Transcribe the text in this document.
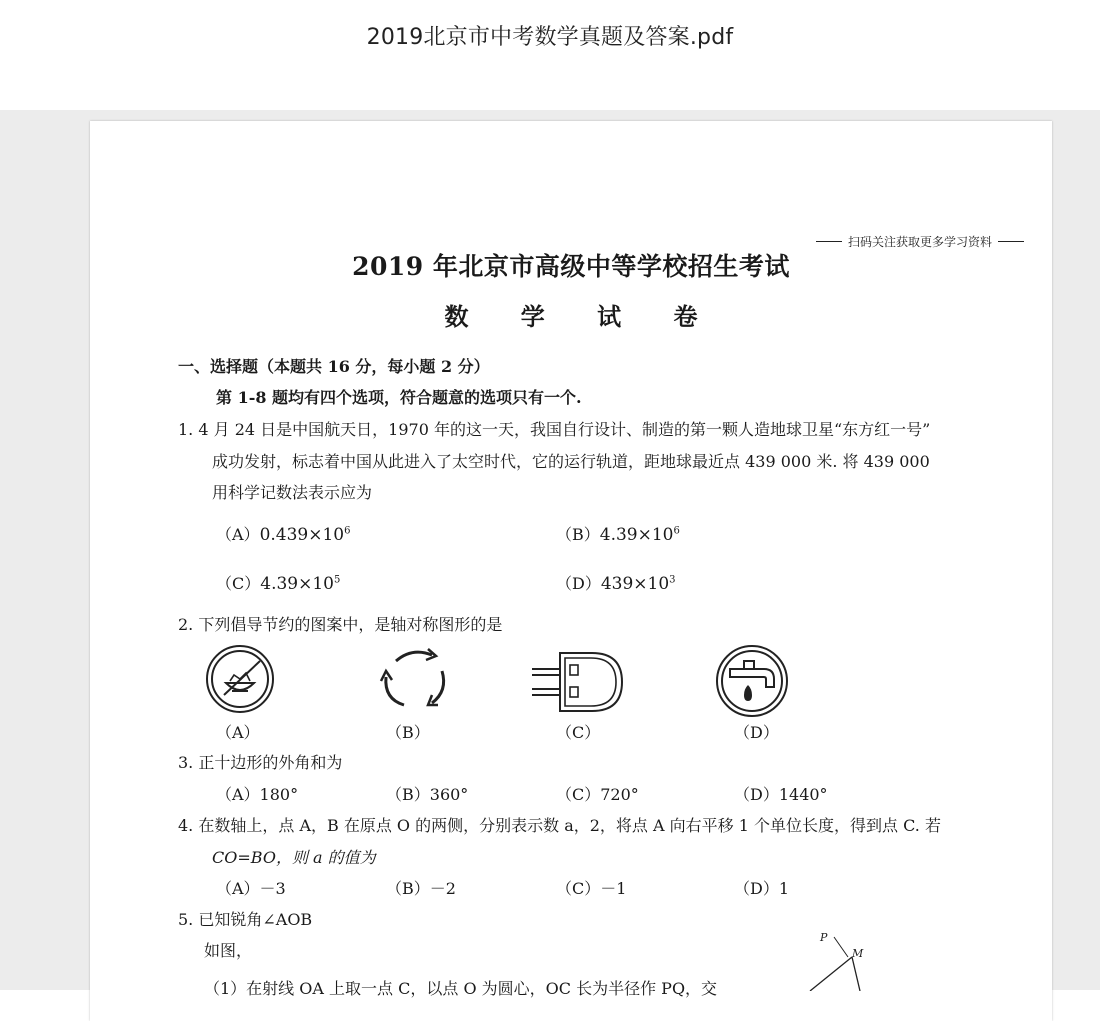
2019北京市中考数学真题及答案.pdf
扫码关注获取更多学习资料
2019 年北京市高级中等学校招生考试
数 学 试 卷
一、选择题（本题共 16 分，每小题 2 分）
第 1-8 题均有四个选项，符合题意的选项只有一个.
1. 4 月 24 日是中国航天日，1970 年的这一天，我国自行设计、制造的第一颗人造地球卫星“东方红一号”
成功发射，标志着中国从此进入了太空时代，它的运行轨道，距地球最近点 439 000 米. 将 439 000
用科学记数法表示应为
$(A)0.439\times 10^6$	$(B)4.39\times 10^6$
$(C)4.39\times 10^5$	$(D)439\times 10^3$
2. 下列倡导节约的图案中，是轴对称图形的是
（A）	（B）	（C）	（D）
3. 正十边形的外角和为
（A）180°	（B）360°	（C）720°	（D）1440°
4. 在数轴上，点 A，B 在原点 O 的两侧，分别表示数 a，2，将点 A 向右平移 1 个单位长度，得到点 C. 若
CO=BO，则 a 的值为
（A）－3	（B）－2	（C）－1	（D）1
5. 已知锐角∠AOB
如图，
（1）在射线 OA 上取一点 C，以点 O 为圆心，OC 长为半径作 PQ，交
P
M
